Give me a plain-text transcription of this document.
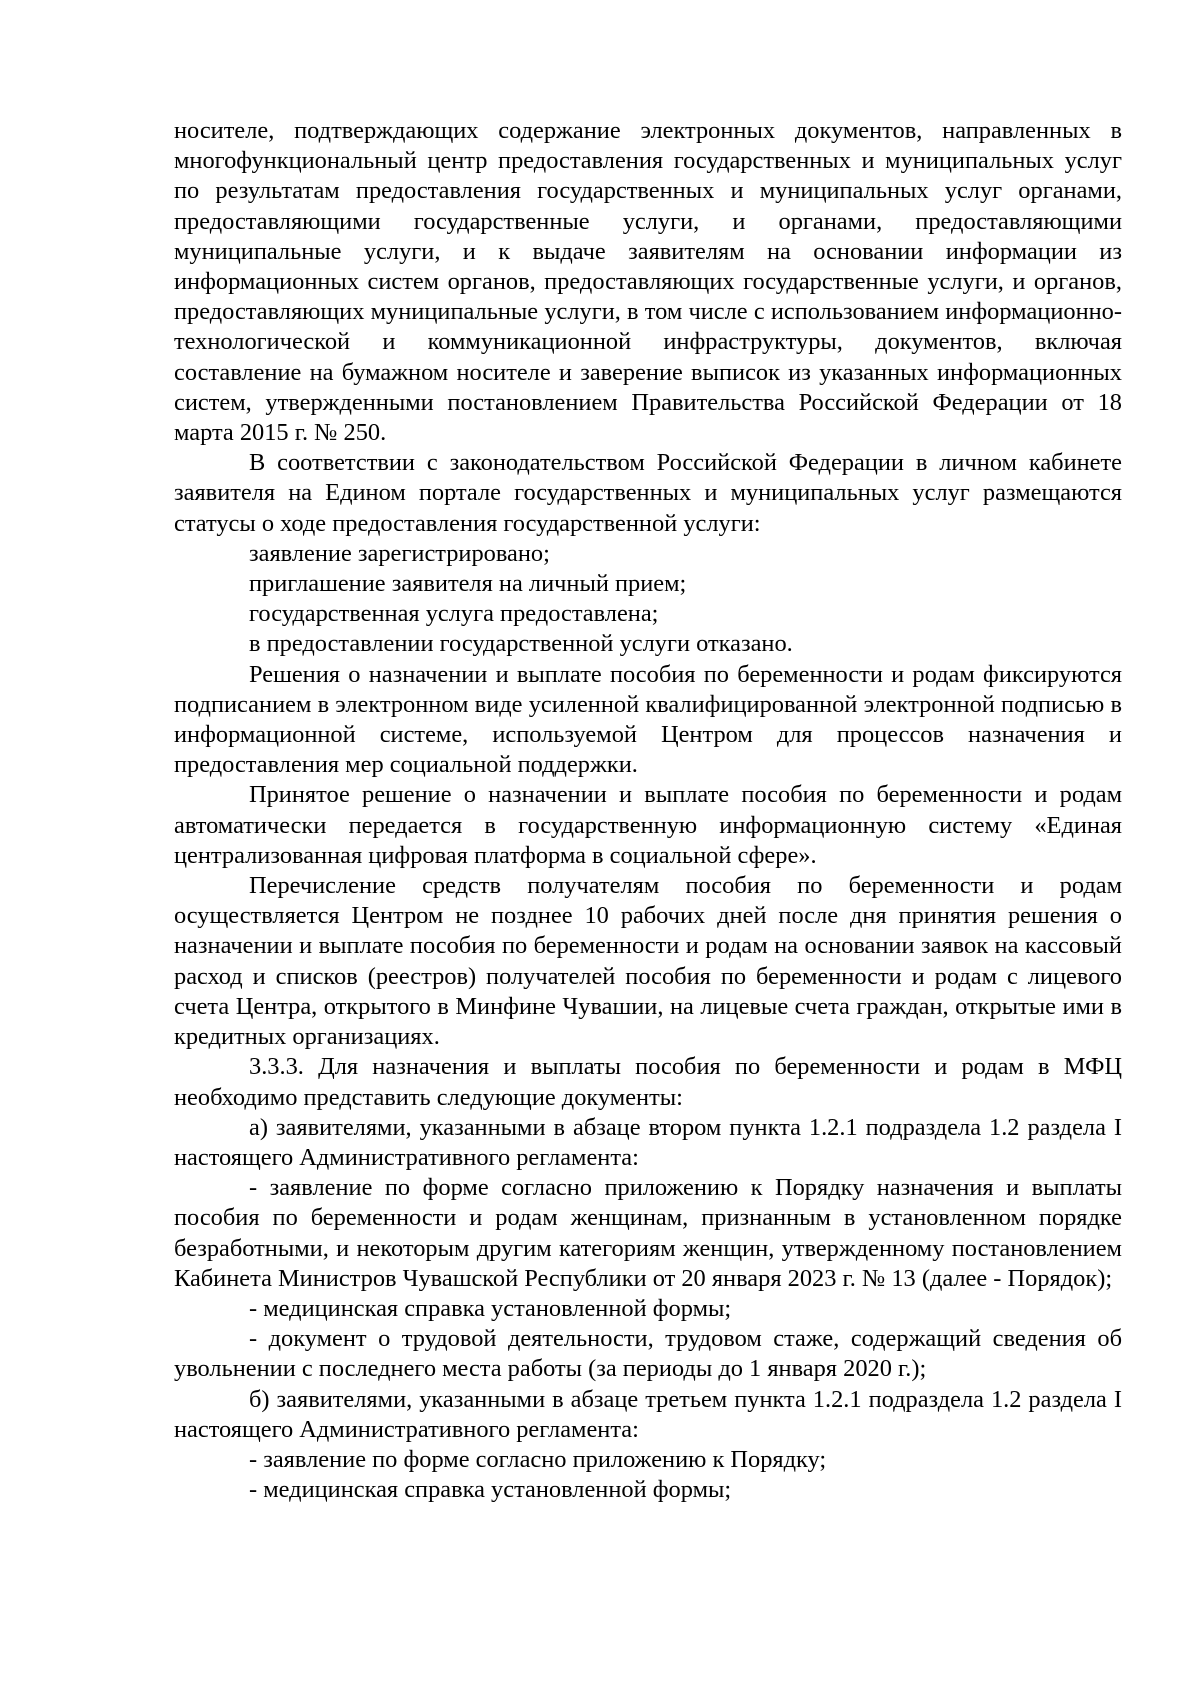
носителе, подтверждающих содержание электронных документов, направленных в многофункциональный центр предоставления государственных и муниципальных услуг по результатам предоставления государственных и муниципальных услуг органами, предоставляющими государственные услуги, и органами, предоставляющими муниципальные услуги, и к выдаче заявителям на основании информации из информационных систем органов, предоставляющих государственные услуги, и органов, предоставляющих муниципальные услуги, в том числе с использованием информационно-технологической и коммуникационной инфраструктуры, документов, включая составление на бумажном носителе и заверение выписок из указанных информационных систем, утвержденными постановлением Правительства Российской Федерации от 18 марта 2015 г. № 250.

В соответствии с законодательством Российской Федерации в личном кабинете заявителя на Едином портале государственных и муниципальных услуг размещаются статусы о ходе предоставления государственной услуги:

заявление зарегистрировано;

приглашение заявителя на личный прием;

государственная услуга предоставлена;

в предоставлении государственной услуги отказано.

Решения о назначении и выплате пособия по беременности и родам фиксируются подписанием в электронном виде усиленной квалифицированной электронной подписью в информационной системе, используемой Центром для процессов назначения и предоставления мер социальной поддержки.

Принятое решение о назначении и выплате пособия по беременности и родам автоматически передается в государственную информационную систему «Единая централизованная цифровая платформа в социальной сфере».

Перечисление средств получателям пособия по беременности и родам осуществляется Центром не позднее 10 рабочих дней после дня принятия решения о назначении и выплате пособия по беременности и родам на основании заявок на кассовый расход и списков (реестров) получателей пособия по беременности и родам с лицевого счета Центра, открытого в Минфине Чувашии, на лицевые счета граждан, открытые ими в кредитных организациях.

3.3.3. Для назначения и выплаты пособия по беременности и родам в МФЦ необходимо представить следующие документы:

а) заявителями, указанными в абзаце втором пункта 1.2.1 подраздела 1.2 раздела I настоящего Административного регламента:

- заявление по форме согласно приложению к Порядку назначения и выплаты пособия по беременности и родам женщинам, признанным в установленном порядке безработными, и некоторым другим категориям женщин, утвержденному постановлением Кабинета Министров Чувашской Республики от 20 января 2023 г. № 13 (далее - Порядок);

- медицинская справка установленной формы;

- документ о трудовой деятельности, трудовом стаже, содержащий сведения об увольнении с последнего места работы (за периоды до 1 января 2020 г.);

б) заявителями, указанными в абзаце третьем пункта 1.2.1 подраздела 1.2 раздела I настоящего Административного регламента:

- заявление по форме согласно приложению к Порядку;

- медицинская справка установленной формы;
